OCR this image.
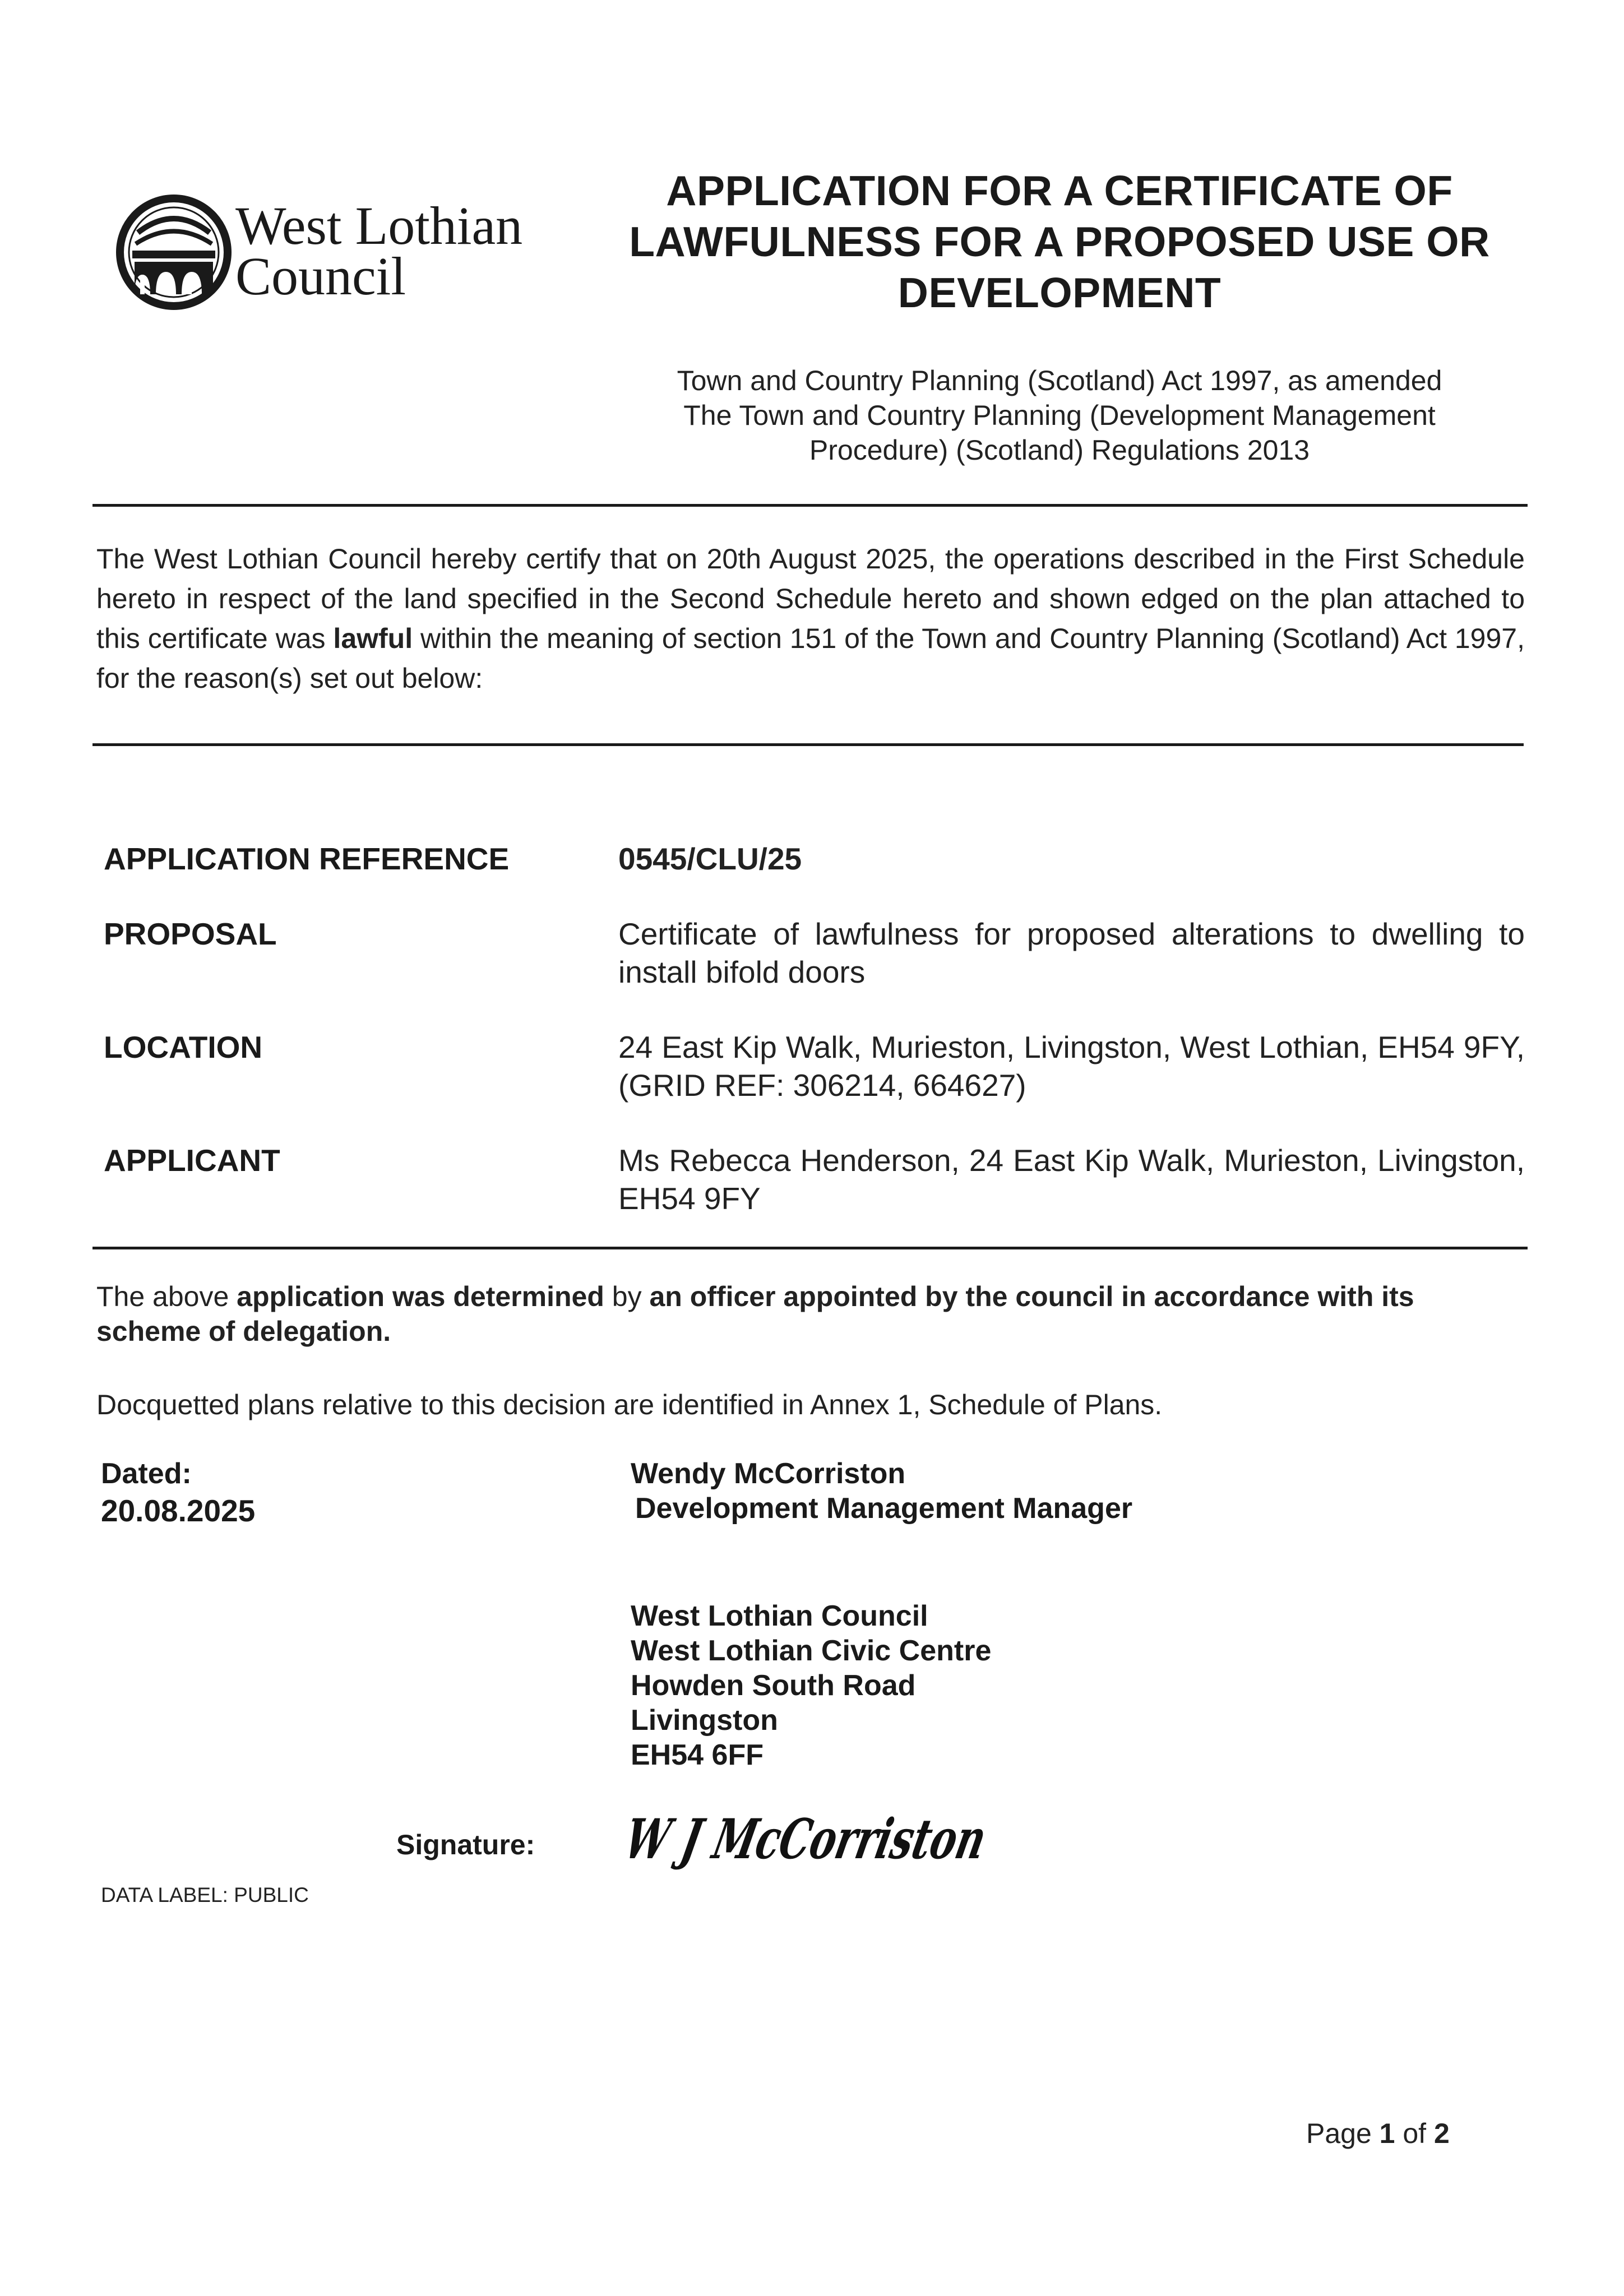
West Lothian
Council
APPLICATION FOR A CERTIFICATE OF
LAWFULNESS FOR A PROPOSED USE OR
DEVELOPMENT
Town and Country Planning (Scotland) Act 1997, as amended
The Town and Country Planning (Development Management
Procedure) (Scotland) Regulations 2013
The West Lothian Council hereby certify that on 20th August 2025, the operations described in the First Schedule hereto in respect of the land specified in the Second Schedule hereto and shown edged on the plan attached to this certificate was lawful within the meaning of section 151 of the Town and Country Planning (Scotland) Act 1997, for the reason(s) set out below:
APPLICATION REFERENCE	0545/CLU/25
PROPOSAL	Certificate of lawfulness for proposed alterations to dwelling to install bifold doors
LOCATION	24 East Kip Walk, Murieston, Livingston, West Lothian, EH54 9FY, (GRID REF: 306214, 664627)
APPLICANT	Ms Rebecca Henderson, 24 East Kip Walk, Murieston, Livingston, EH54 9FY
The above application was determined by an officer appointed by the council in accordance with its scheme of delegation.
Docquetted plans relative to this decision are identified in Annex 1, Schedule of Plans.
Dated:
20.08.2025
Wendy McCorriston
Development Management Manager
West Lothian Council
West Lothian Civic Centre
Howden South Road
Livingston
EH54 6FF
Signature: W J McCorriston
DATA LABEL: PUBLIC
Page 1 of 2
